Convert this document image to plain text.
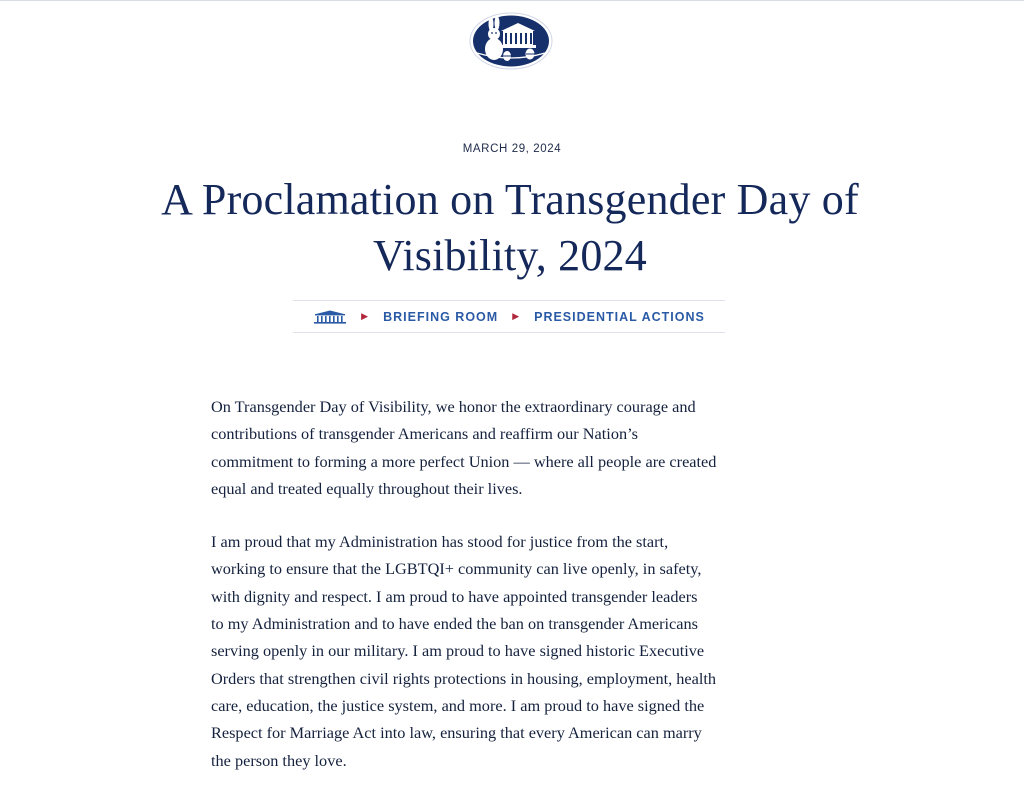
MARCH 29, 2024
A Proclamation on Transgender Day of Visibility, 2024
▶ BRIEFING ROOM ▶ PRESIDENTIAL ACTIONS

On Transgender Day of Visibility, we honor the extraordinary courage and
contributions of transgender Americans and reaffirm our Nation’s
commitment to forming a more perfect Union — where all people are created
equal and treated equally throughout their lives.

I am proud that my Administration has stood for justice from the start,
working to ensure that the LGBTQI+ community can live openly, in safety,
with dignity and respect. I am proud to have appointed transgender leaders
to my Administration and to have ended the ban on transgender Americans
serving openly in our military. I am proud to have signed historic Executive
Orders that strengthen civil rights protections in housing, employment, health
care, education, the justice system, and more. I am proud to have signed the
Respect for Marriage Act into law, ensuring that every American can marry
the person they love.
